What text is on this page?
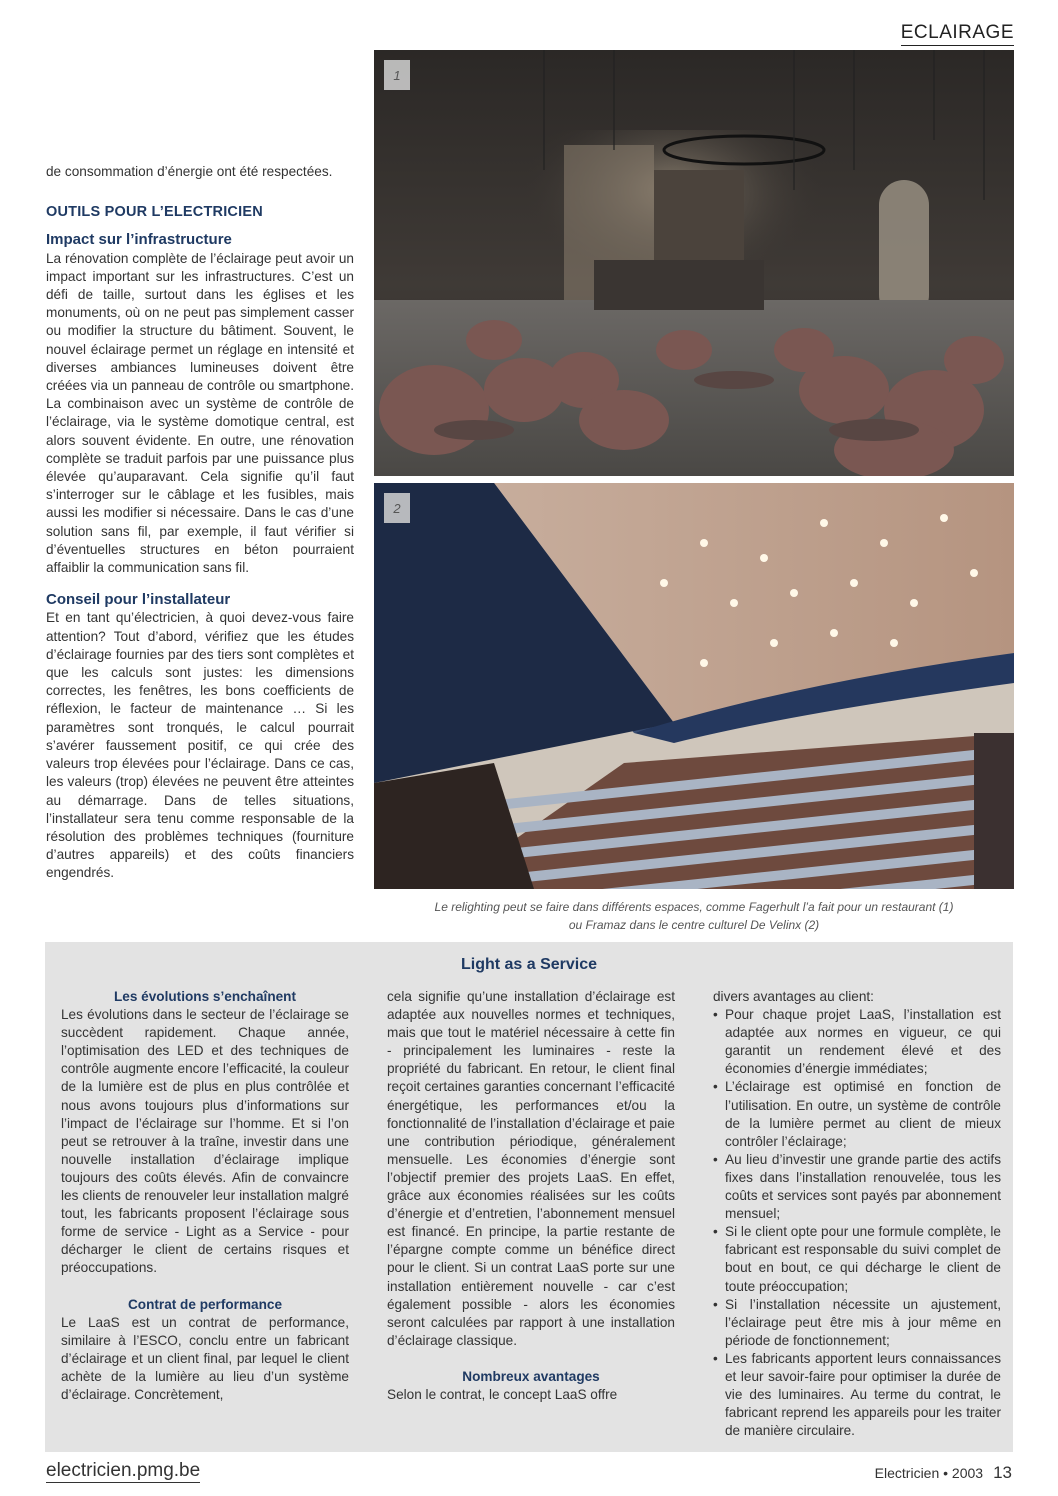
ECLAIRAGE

de consommation d’énergie ont été respectées.

OUTILS POUR L’ELECTRICIEN
Impact sur l’infrastructure

La rénovation complète de l’éclairage peut avoir un impact important sur les infrastructures. C’est un défi de taille, surtout dans les églises et les monuments, où on ne peut pas simplement casser ou modifier la structure du bâtiment. Souvent, le nouvel éclairage permet un réglage en intensité et diverses ambiances lumineuses doivent être créées via un panneau de contrôle ou smartphone. La combinaison avec un système de contrôle de l’éclairage, via le système domotique central, est alors souvent évidente. En outre, une rénovation complète se traduit parfois par une puissance plus élevée qu’auparavant. Cela signifie qu’il faut s’interroger sur le câblage et les fusibles, mais aussi les modifier si nécessaire. Dans le cas d’une solution sans fil, par exemple, il faut vérifier si d’éventuelles structures en béton pourraient affaiblir la communication sans fil.

Conseil pour l’installateur

Et en tant qu’électricien, à quoi devez-vous faire attention? Tout d’abord, vérifiez que les études d’éclairage fournies par des tiers sont complètes et que les calculs sont justes: les dimensions correctes, les fenêtres, les bons coefficients de réflexion, le facteur de maintenance … Si les paramètres sont tronqués, le calcul pourrait s’avérer faussement positif, ce qui crée des valeurs trop élevées pour l’éclairage. Dans ce cas, les valeurs (trop) élevées ne peuvent être atteintes au démarrage. Dans de telles situations, l’installateur sera tenu comme responsable de la résolution des problèmes techniques (fourniture d’autres appareils) et des coûts financiers engendrés.

1
2
Le relighting peut se faire dans différents espaces, comme Fagerhult l’a fait pour un restaurant (1)
ou Framaz dans le centre culturel De Velinx (2)
Light as a Service
Les évolutions s’enchaînent

Les évolutions dans le secteur de l’éclairage se succèdent rapidement. Chaque année, l’optimisation des LED et des techniques de contrôle augmente encore l’efficacité, la couleur de la lumière est de plus en plus contrôlée et nous avons toujours plus d’informations sur l’impact de l’éclairage sur l’homme. Et si l’on peut se retrouver à la traîne, investir dans une nouvelle installation d’éclairage implique toujours des coûts élevés. Afin de convaincre les clients de renouveler leur installation malgré tout, les fabricants proposent l’éclairage sous forme de service - Light as a Service - pour décharger le client de certains risques et préoccupations.

Contrat de performance

Le LaaS est un contrat de performance, similaire à l’ESCO, conclu entre un fabricant d’éclairage et un client final, par lequel le client achète de la lumière au lieu d’un système d’éclairage. Concrètement,

cela signifie qu’une installation d’éclairage est adaptée aux nouvelles normes et techniques, mais que tout le matériel nécessaire à cette fin - principalement les luminaires - reste la propriété du fabricant. En retour, le client final reçoit certaines garanties concernant l’efficacité énergétique, les performances et/ou la fonctionnalité de l’installation d’éclairage et paie une contribution périodique, généralement mensuelle. Les économies d’énergie sont l’objectif premier des projets LaaS. En effet, grâce aux économies réalisées sur les coûts d’énergie et d’entretien, l’abonnement mensuel est financé. En principe, la partie restante de l’épargne compte comme un bénéfice direct pour le client. Si un contrat LaaS porte sur une installation entièrement nouvelle - car c’est également possible - alors les économies seront calculées par rapport à une installation d’éclairage classique.

Nombreux avantages

Selon le contrat, le concept LaaS offre

divers avantages au client:

• Pour chaque projet LaaS, l’installation est adaptée aux normes en vigueur, ce qui garantit un rendement élevé et des économies d’énergie immédiates;
• L’éclairage est optimisé en fonction de l’utilisation. En outre, un système de contrôle de la lumière permet au client de mieux contrôler l’éclairage;
• Au lieu d’investir une grande partie des actifs fixes dans l’installation renouvelée, tous les coûts et services sont payés par abonnement mensuel;
• Si le client opte pour une formule complète, le fabricant est responsable du suivi complet de bout en bout, ce qui décharge le client de toute préoccupation;
• Si l’installation nécessite un ajustement, l’éclairage peut être mis à jour même en période de fonctionnement;
• Les fabricants apportent leurs connaissances et leur savoir-faire pour optimiser la durée de vie des luminaires. Au terme du contrat, le fabricant reprend les appareils pour les traiter de manière circulaire.
electricien.pmg.be	Electricien • 2003 13
